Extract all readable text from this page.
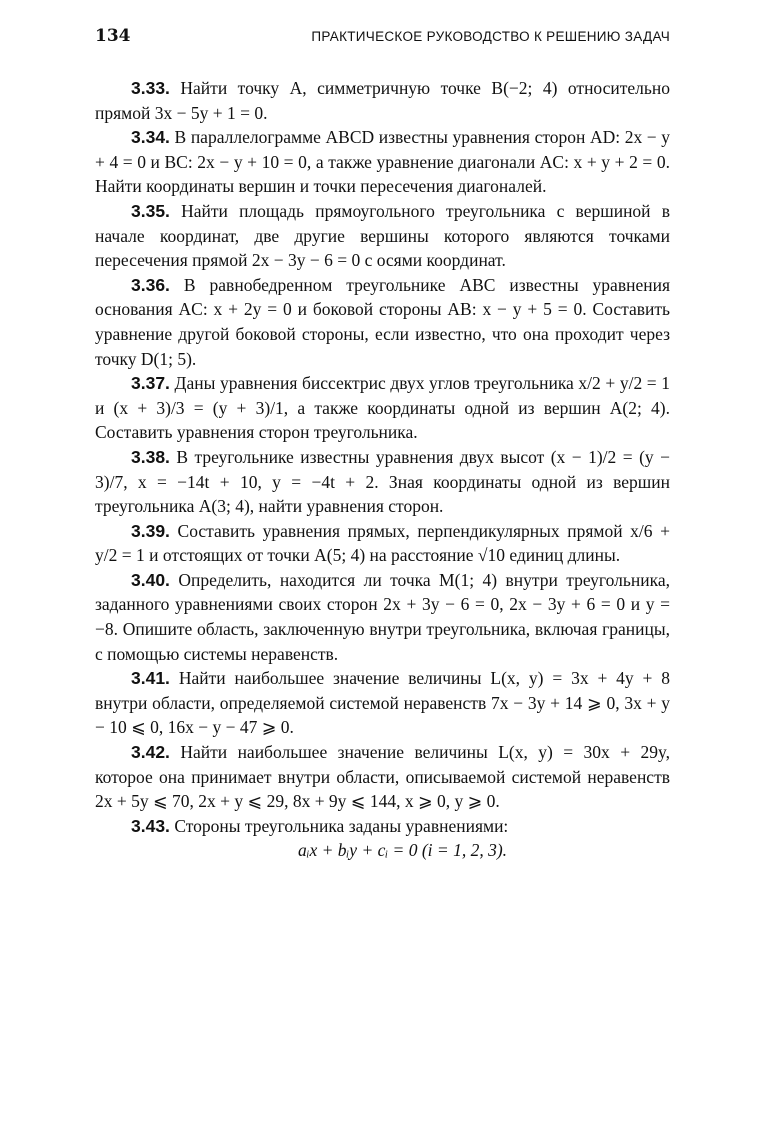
134	ПРАКТИЧЕСКОЕ РУКОВОДСТВО К РЕШЕНИЮ ЗАДАЧ

3.33. Найти точку A, симметричную точке B(−2; 4) относительно прямой 3x − 5y + 1 = 0.

3.34. В параллелограмме ABCD известны уравнения сторон AD: 2x − y + 4 = 0 и BC: 2x − y + 10 = 0, а также уравнение диагонали AC: x + y + 2 = 0. Найти координаты вершин и точки пересечения диагоналей.

3.35. Найти площадь прямоугольного треугольника с вершиной в начале координат, две другие вершины которого являются точками пересечения прямой 2x − 3y − 6 = 0 с осями координат.

3.36. В равнобедренном треугольнике ABC известны уравнения основания AC: x + 2y = 0 и боковой стороны AB: x − y + 5 = 0. Составить уравнение другой боковой стороны, если известно, что она проходит через точку D(1; 5).

3.37. Даны уравнения биссектрис двух углов треугольника x/2 + y/2 = 1 и (x + 3)/3 = (y + 3)/1, а также координаты одной из вершин A(2; 4). Составить уравнения сторон треугольника.

3.38. В треугольнике известны уравнения двух высот (x − 1)/2 = (y − 3)/7, x = −14t + 10, y = −4t + 2. Зная координаты одной из вершин треугольника A(3; 4), найти уравнения сторон.

3.39. Составить уравнения прямых, перпендикулярных прямой x/6 + y/2 = 1 и отстоящих от точки A(5; 4) на расстояние √10 единиц длины.

3.40. Определить, находится ли точка M(1; 4) внутри треугольника, заданного уравнениями своих сторон 2x + 3y − 6 = 0, 2x − 3y + 6 = 0 и y = −8. Опишите область, заключенную внутри треугольника, включая границы, с помощью системы неравенств.

3.41. Найти наибольшее значение величины L(x, y) = 3x + 4y + 8 внутри области, определяемой системой неравенств 7x − 3y + 14 ⩾ 0, 3x + y − 10 ⩽ 0, 16x − y − 47 ⩾ 0.

3.42. Найти наибольшее значение величины L(x, y) = 30x + 29y, которое она принимает внутри области, описываемой системой неравенств 2x + 5y ⩽ 70, 2x + y ⩽ 29, 8x + 9y ⩽ 144, x ⩾ 0, y ⩾ 0.

3.43. Стороны треугольника заданы уравнениями:

aᵢx + bᵢy + cᵢ = 0 (i = 1, 2, 3).
